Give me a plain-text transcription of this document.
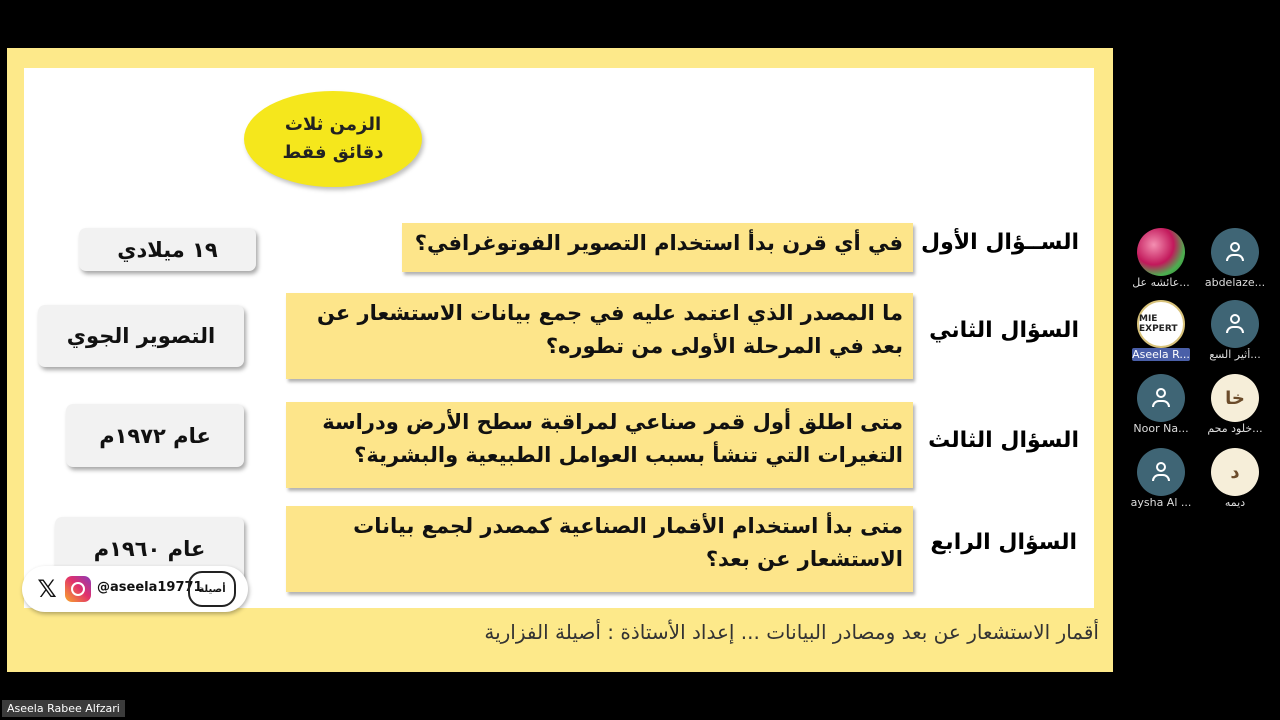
الزمن ثلاث
دقائق فقط
الســؤال الأول
في أي قرن بدأ استخدام التصوير الفوتوغرافي؟
١٩ ميلادي
السؤال الثاني
ما المصدر الذي اعتمد عليه في جمع بيانات الاستشعار عن بعد في المرحلة الأولى من تطوره؟
التصوير الجوي
السؤال الثالث
متى اطلق أول قمر صناعي لمراقبة سطح الأرض ودراسة التغيرات التي تنشأ بسبب العوامل الطبيعية والبشرية؟
عام ١٩٧٢م
السؤال الرابع
متى بدأ استخدام الأقمار الصناعية كمصدر لجمع بيانات الاستشعار عن بعد؟
عام ١٩٦٠م
أقمار الاستشعار عن بعد ومصادر البيانات ... إعداد الأستاذة : أصيلة الفزارية
𝕏	@aseela19771
أصيلة
abdelaze...
عائشه عل...
أثير السع...
MIE EXPERT
Aseela R...
خا
خلود محم...
Noor Na...
د
ديمه
aysha Al ...
Aseela Rabee Alfzari
